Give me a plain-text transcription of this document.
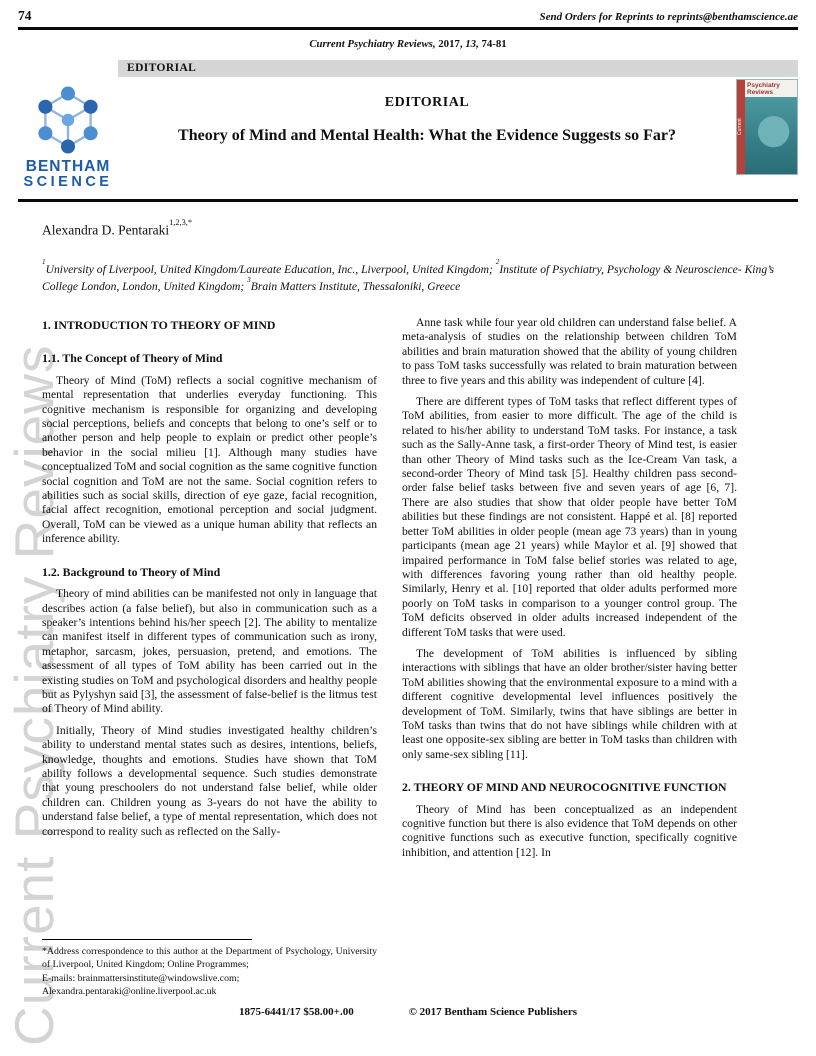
Current Psychiatry Reviews
74	Send Orders for Reprints to reprints@benthamscience.ae
Current Psychiatry Reviews, 2017, 13, 74-81
EDITORIAL
BENTHAM
SCIENCE
EDITORIAL
Theory of Mind and Mental Health: What the Evidence Suggests so Far?	Current
Psychiatry
Reviews
Alexandra D. Pentaraki$^{1,2,3,*}$
$^1$University of Liverpool, United Kingdom/Laureate Education, Inc., Liverpool, United Kingdom; $^2$Institute of Psychiatry, Psychology & Neuroscience- King’s College London, London, United Kingdom; $^3$Brain Matters Institute, Thessaloniki, Greece
1. INTRODUCTION TO THEORY OF MIND
1.1. The Concept of Theory of Mind

Theory of Mind (ToM) reflects a social cognitive mechanism of mental representation that underlies everyday functioning. This cognitive mechanism is responsible for organizing and developing social perceptions, beliefs and concepts that belong to one’s self or to another person and help people to explain or predict other people’s behavior in the social milieu [1]. Although many studies have conceptualized ToM and social cognition as the same cognitive function social cognition and ToM are not the same. Social cognition refers to abilities such as social skills, direction of eye gaze, facial recognition, facial affect recognition, emotional perception and social judgment. Overall, ToM can be viewed as a unique human ability that reflects an inference ability.

1.2. Background to Theory of Mind

Theory of mind abilities can be manifested not only in language that describes action (a false belief), but also in communication such as a speaker’s intentions behind his/her speech [2]. The ability to mentalize can manifest itself in different types of communication such as irony, metaphor, sarcasm, jokes, persuasion, pretend, and emotions. The assessment of all types of ToM ability has been carried out in the existing studies on ToM and psychological disorders and healthy people but as Pylyshyn said [3], the assessment of false-belief is the litmus test of Theory of Mind ability.

Initially, Theory of Mind studies investigated healthy children’s ability to understand mental states such as desires, intentions, beliefs, knowledge, thoughts and emotions. Studies have shown that ToM ability follows a developmental sequence. Such studies demonstrate that young preschoolers do not understand false belief, while older children can. Children young as 3-years do not have the ability to understand false belief, a type of mental representation, which does not correspond to reality such as reflected on the Sally-

*Address correspondence to this author at the Department of Psychology, University of Liverpool, United Kingdom; Online Programmes;
E-mails: brainmattersinstitute@windowslive.com;
Alexandra.pentaraki@online.liverpool.ac.uk

Anne task while four year old children can understand false belief. A meta-analysis of studies on the relationship between children ToM abilities and brain maturation showed that the ability of young children to pass ToM tasks successfully was related to brain maturation between three to five years and this ability was independent of culture [4].

There are different types of ToM tasks that reflect different types of ToM abilities, from easier to more difficult. The age of the child is related to his/her ability to understand ToM tasks. For instance, a task such as the Sally-Anne task, a first-order Theory of Mind test, is easier than other Theory of Mind tasks such as the Ice-Cream Van task, a second-order Theory of Mind task [5]. Healthy children pass second-order false belief tasks between five and seven years of age [6, 7]. There are also studies that show that older people have better ToM abilities but these findings are not consistent. Happé et al. [8] reported better ToM abilities in older people (mean age 73 years) than in young participants (mean age 21 years) while Maylor et al. [9] showed that impaired performance in ToM false belief stories was related to age, with differences favoring young rather than old healthy people. Similarly, Henry et al. [10] reported that older adults performed more poorly on ToM tasks in comparison to a younger control group. The ToM deficits observed in older adults increased independent of the different ToM tasks that were used.

The development of ToM abilities is influenced by sibling interactions with siblings that have an older brother/sister having better ToM abilities showing that the environmental exposure to a mind with a different cognitive developmental level influences positively the development of ToM. Similarly, twins that have siblings are better in ToM tasks than twins that do not have siblings while children with at least one opposite-sex sibling are better in ToM tasks than children with only same-sex sibling [11].

2. THEORY OF MIND AND NEUROCOGNITIVE FUNCTION

Theory of Mind has been conceptualized as an independent cognitive function but there is also evidence that ToM depends on other cognitive functions such as executive function, specifically cognitive inhibition, and attention [12]. In

1875-6441/17 $58.00+.00	© 2017 Bentham Science Publishers
